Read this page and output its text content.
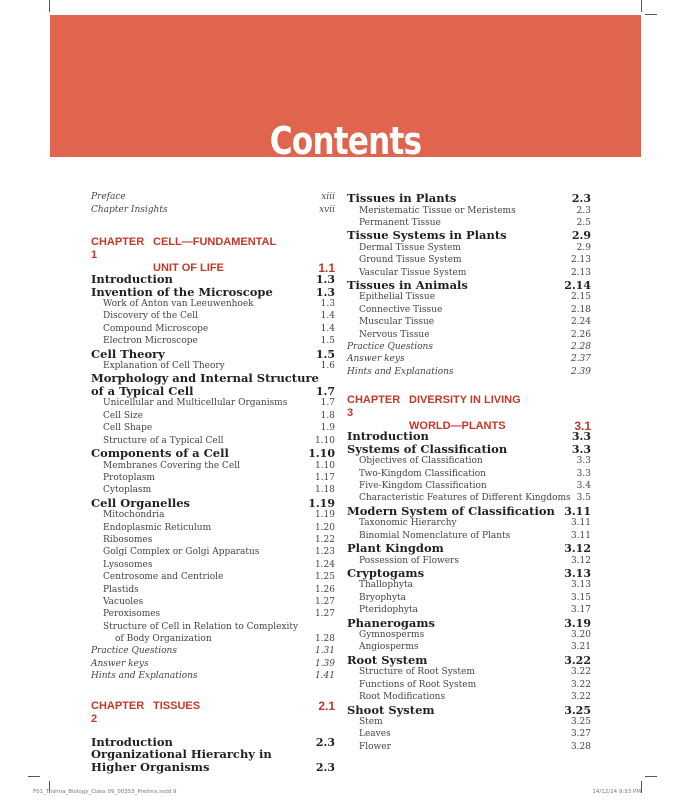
Contents
Preface	xiii
Chapter Insights	xvii
CHAPTER 1
CELL—FUNDAMENTAL
UNIT OF LIFE	1.1
Introduction	1.3
Invention of the Microscope	1.3
Work of Anton van Leeuwenhoek	1.3
Discovery of the Cell	1.4
Compound Microscope	1.4
Electron Microscope	1.5
Cell Theory	1.5
Explanation of Cell Theory	1.6
Morphology and Internal Structure
of a Typical Cell	1.7
Unicellular and Multicellular Organisms	1.7
Cell Size	1.8
Cell Shape	1.9
Structure of a Typical Cell	1.10
Components of a Cell	1.10
Membranes Covering the Cell	1.10
Protoplasm	1.17
Cytoplasm	1.18
Cell Organelles	1.19
Mitochondria	1.19
Endoplasmic Reticulum	1.20
Ribosomes	1.22
Golgi Complex or Golgi Apparatus	1.23
Lysosomes	1.24
Centrosome and Centriole	1.25
Plastids	1.26
Vacuoles	1.27
Peroxisomes	1.27
Structure of Cell in Relation to Complexity
of Body Organization	1.28
Practice Questions	1.31
Answer keys	1.39
Hints and Explanations	1.41
CHAPTER 2
TISSUES	2.1
Introduction	2.3
Organizational Hierarchy in
Higher Organisms	2.3
Tissues in Plants	2.3
Meristematic Tissue or Meristems	2.3
Permanent Tissue	2.5
Tissue Systems in Plants	2.9
Dermal Tissue System	2.9
Ground Tissue System	2.13
Vascular Tissue System	2.13
Tissues in Animals	2.14
Epithelial Tissue	2.15
Connective Tissue	2.18
Muscular Tissue	2.24
Nervous Tissue	2.26
Practice Questions	2.28
Answer keys	2.37
Hints and Explanations	2.39
CHAPTER 3
DIVERSITY IN LIVING
WORLD—PLANTS	3.1
Introduction	3.3
Systems of Classification	3.3
Objectives of Classification	3.3
Two-Kingdom Classification	3.3
Five-Kingdom Classification	3.4
Characteristic Features of Different Kingdoms 3.5
Modern System of Classification 3.11
Taxonomic Hierarchy	3.11
Binomial Nomenclature of Plants	3.11
Plant Kingdom	3.12
Possession of Flowers	3.12
Cryptogams	3.13
Thallophyta	3.13
Bryophyta	3.15
Pteridophyta	3.17
Phanerogams	3.19
Gymnosperms	3.20
Angiosperms	3.21
Root System	3.22
Structure of Root System	3.22
Functions of Root System	3.22
Root Modifications	3.22
Shoot System	3.25
Stem	3.25
Leaves	3.27
Flower	3.28
F01_Trishna_Biology_Class 09_00353_Prelims.indd 9	14/12/24 9:33 PM
